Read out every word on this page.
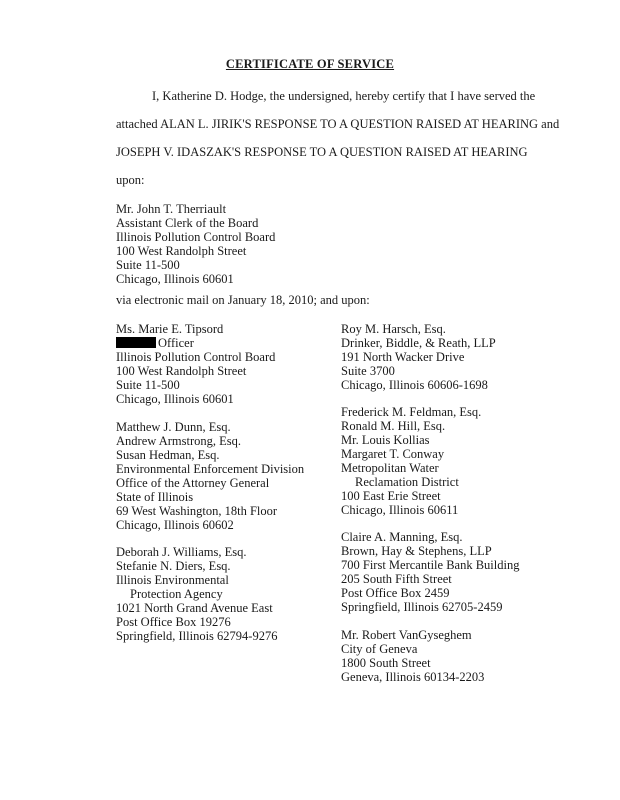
CERTIFICATE OF SERVICE
I, Katherine D. Hodge, the undersigned, hereby certify that I have served the
attached ALAN L. JIRIK'S RESPONSE TO A QUESTION RAISED AT HEARING and
JOSEPH V. IDASZAK'S RESPONSE TO A QUESTION RAISED AT HEARING
upon:
Mr. John T. Therriault
Assistant Clerk of the Board
Illinois Pollution Control Board
100 West Randolph Street
Suite 11-500
Chicago, Illinois 60601
via electronic mail on January 18, 2010; and upon:
Ms. Marie E. Tipsord
Officer
Illinois Pollution Control Board
100 West Randolph Street
Suite 11-500
Chicago, Illinois 60601
Matthew J. Dunn, Esq.
Andrew Armstrong, Esq.
Susan Hedman, Esq.
Environmental Enforcement Division
Office of the Attorney General
State of Illinois
69 West Washington, 18th Floor
Chicago, Illinois 60602
Deborah J. Williams, Esq.
Stefanie N. Diers, Esq.
Illinois Environmental
Protection Agency
1021 North Grand Avenue East
Post Office Box 19276
Springfield, Illinois 62794-9276
Roy M. Harsch, Esq.
Drinker, Biddle, & Reath, LLP
191 North Wacker Drive
Suite 3700
Chicago, Illinois 60606-1698
Frederick M. Feldman, Esq.
Ronald M. Hill, Esq.
Mr. Louis Kollias
Margaret T. Conway
Metropolitan Water
Reclamation District
100 East Erie Street
Chicago, Illinois 60611
Claire A. Manning, Esq.
Brown, Hay & Stephens, LLP
700 First Mercantile Bank Building
205 South Fifth Street
Post Office Box 2459
Springfield, Illinois 62705-2459
Mr. Robert VanGyseghem
City of Geneva
1800 South Street
Geneva, Illinois 60134-2203
